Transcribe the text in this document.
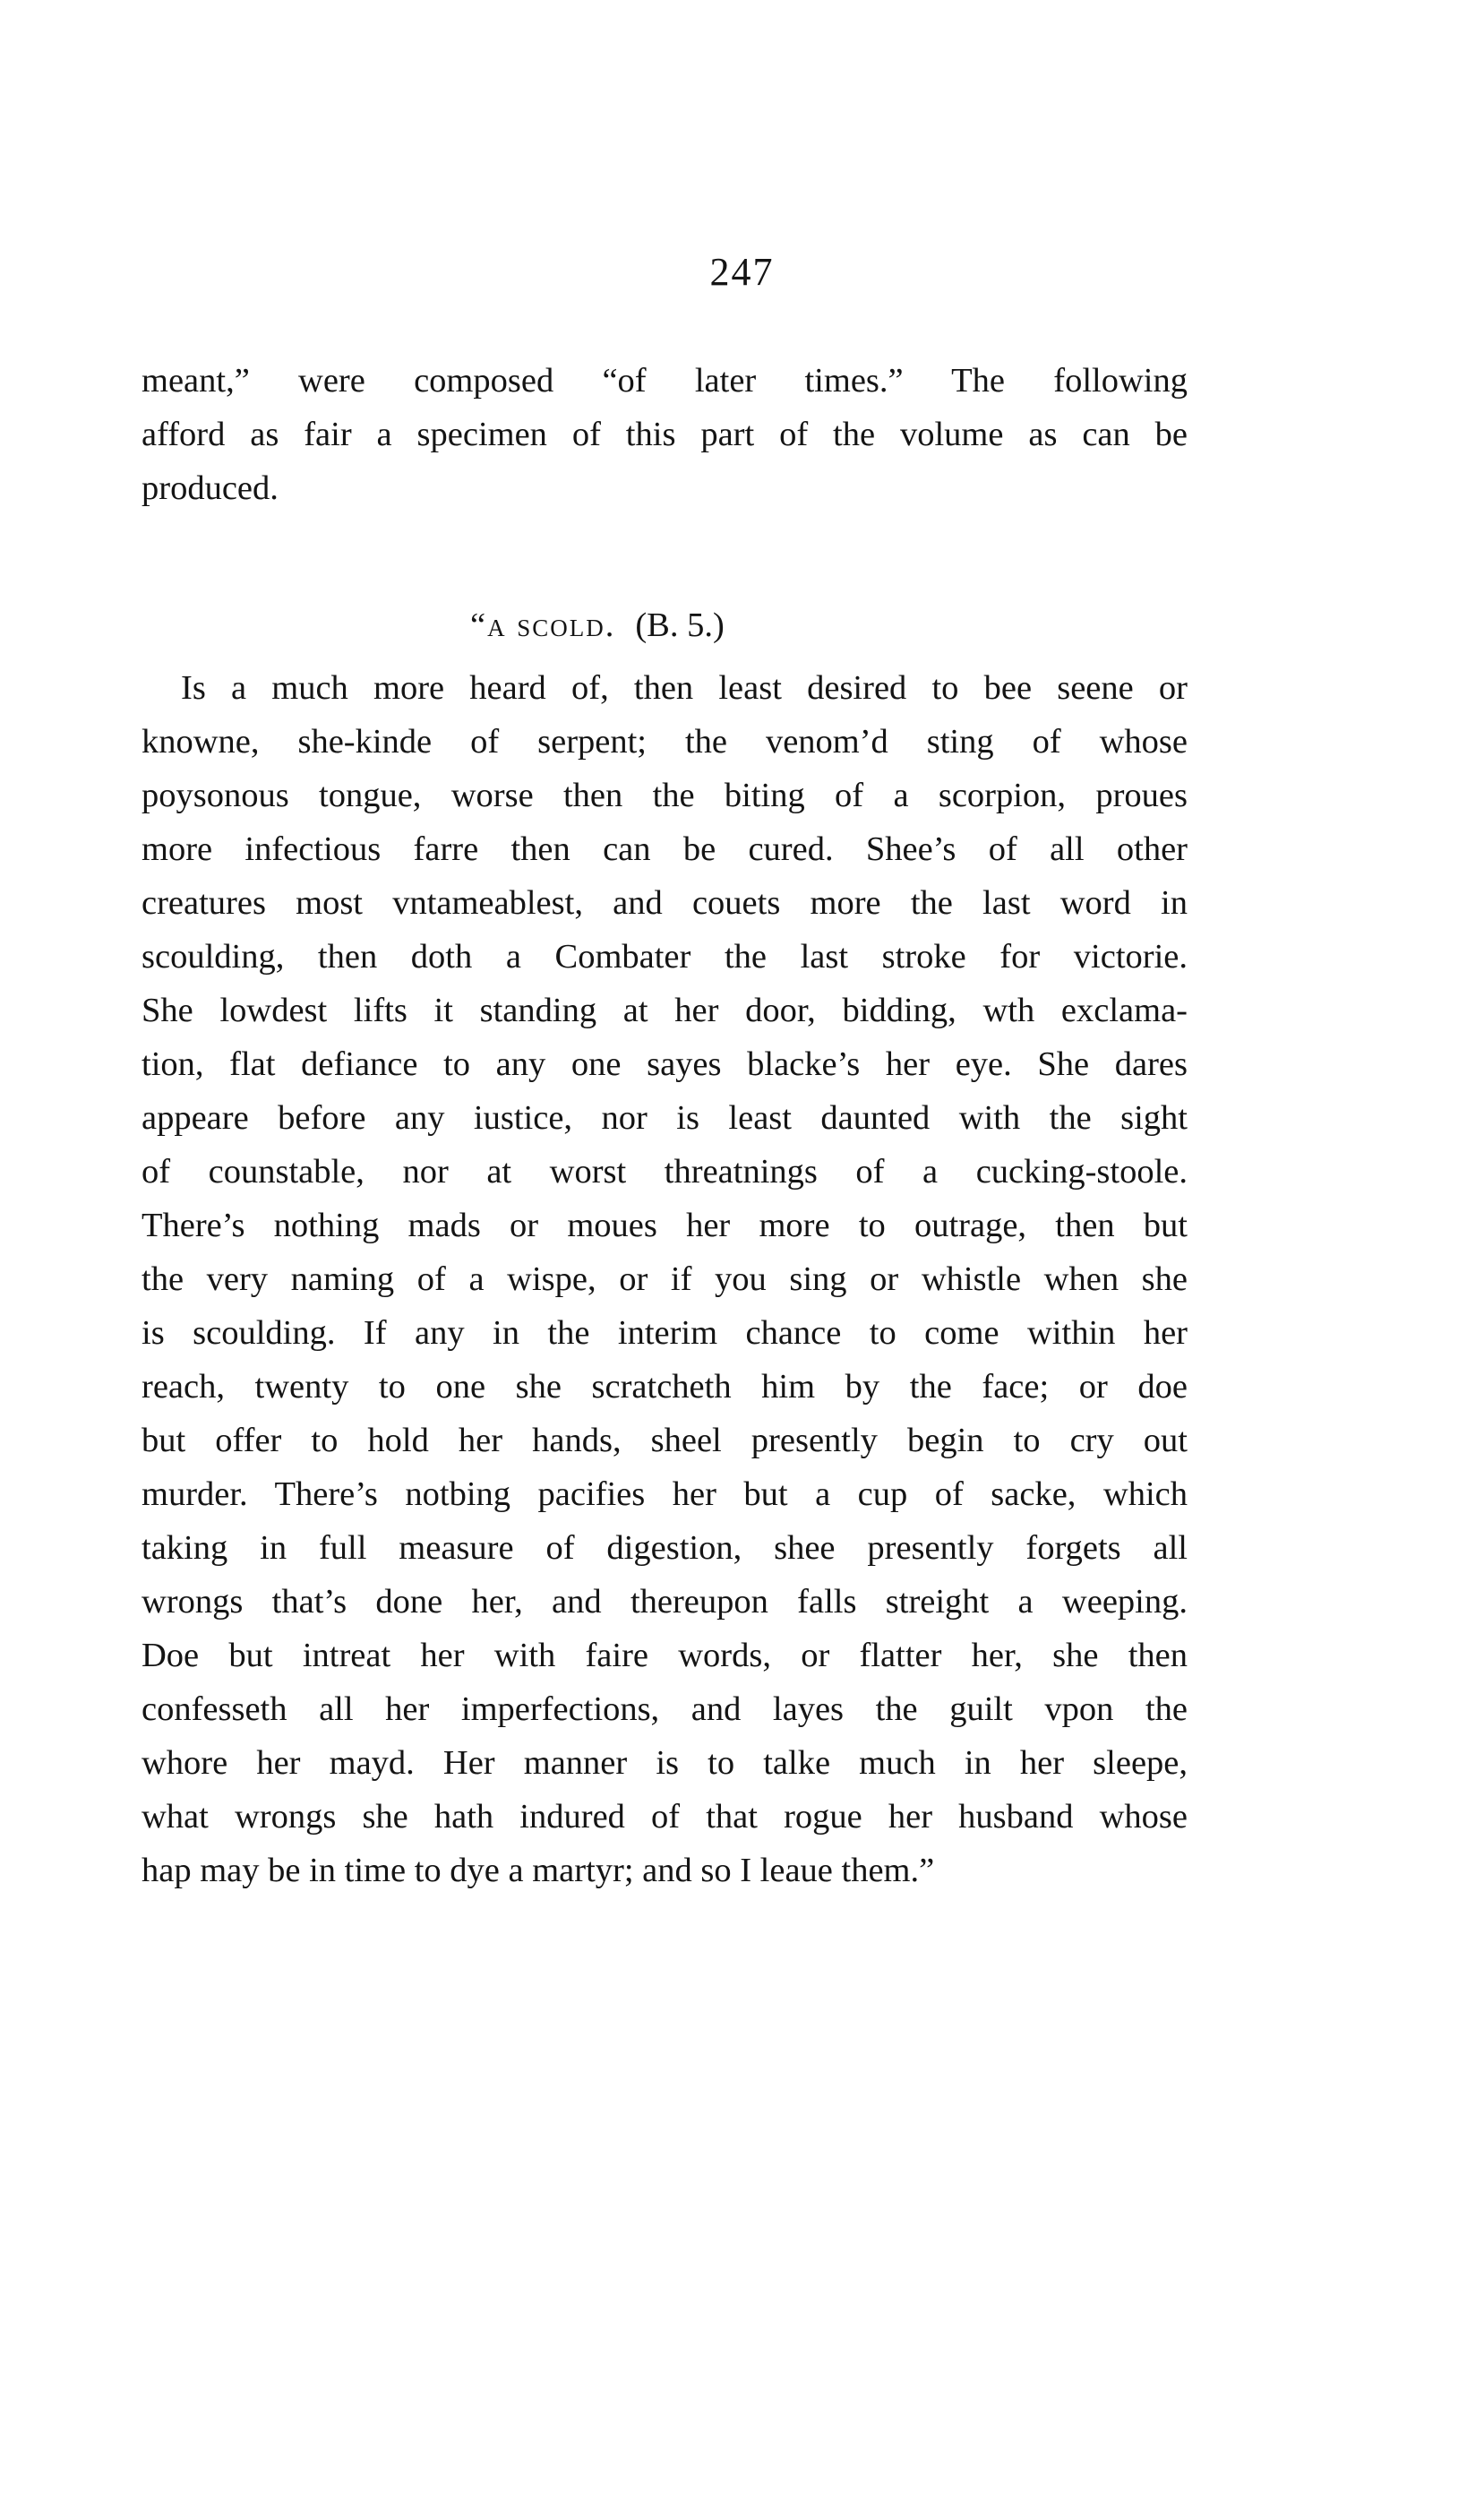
247
meant,” were composed “of later times.” The following
afford as fair a specimen of this part of the volume as can be
produced.
“a scold. (B. 5.)
Is a much more heard of, then least desired to bee seene or
knowne, she-kinde of serpent; the venom’d sting of whose
poysonous tongue, worse then the biting of a scorpion, proues
more infectious farre then can be cured. Shee’s of all other
creatures most vntameablest, and couets more the last word in
scoulding, then doth a Combater the last stroke for victorie.
She lowdest lifts it standing at her door, bidding, wth exclama-
tion, flat defiance to any one sayes blacke’s her eye. She dares
appeare before any iustice, nor is least daunted with the sight
of counstable, nor at worst threatnings of a cucking-stoole.
There’s nothing mads or moues her more to outrage, then but
the very naming of a wispe, or if you sing or whistle when she
is scoulding. If any in the interim chance to come within her
reach, twenty to one she scratcheth him by the face; or doe
but offer to hold her hands, sheel presently begin to cry out
murder. There’s notbing pacifies her but a cup of sacke, which
taking in full measure of digestion, shee presently forgets all
wrongs that’s done her, and thereupon falls streight a weeping.
Doe but intreat her with faire words, or flatter her, she then
confesseth all her imperfections, and layes the guilt vpon the
whore her mayd. Her manner is to talke much in her sleepe,
what wrongs she hath indured of that rogue her husband whose
hap may be in time to dye a martyr; and so I leaue them.”
